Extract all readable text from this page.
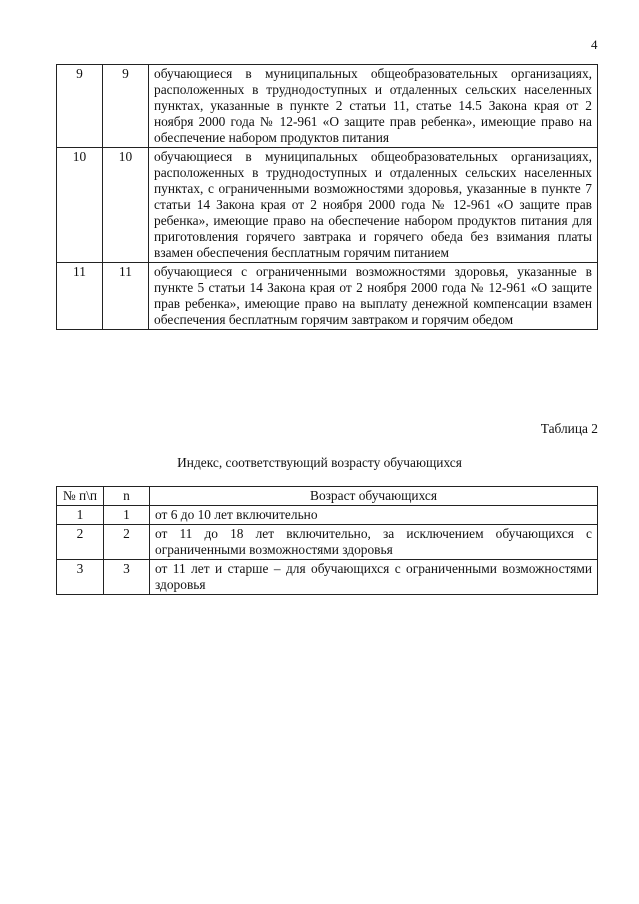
4
9	9	обучающиеся в муниципальных общеобразовательных организациях, расположенных в труднодоступных и отдаленных сельских населенных пунктах, указанные в пункте 2 статьи 11, статье 14.5 Закона края от 2 ноября 2000 года № 12-961 «О защите прав ребенка», имеющие право на обеспечение набором продуктов питания
10	10	обучающиеся в муниципальных общеобразовательных организациях, расположенных в труднодоступных и отдаленных сельских населенных пунктах, с ограниченными возможностями здоровья, указанные в пункте 7 статьи 14 Закона края от 2 ноября 2000 года № 12-961 «О защите прав ребенка», имеющие право на обеспечение набором продуктов питания для приготовления горячего завтрака и горячего обеда без взимания платы взамен обеспечения бесплатным горячим питанием
11	11	обучающиеся с ограниченными возможностями здоровья, указанные в пункте 5 статьи 14 Закона края от 2 ноября 2000 года № 12-961 «О защите прав ребенка», имеющие право на выплату денежной компенсации взамен обеспечения бесплатным горячим завтраком и горячим обедом
Таблица 2
Индекс, соответствующий возрасту обучающихся
№ п\п	n	Возраст обучающихся
1	1	от 6 до 10 лет включительно
2	2	от 11 до 18 лет включительно, за исключением обучающихся с ограниченными возможностями здоровья
3	3	от 11 лет и старше – для обучающихся с ограниченными возможностями здоровья
